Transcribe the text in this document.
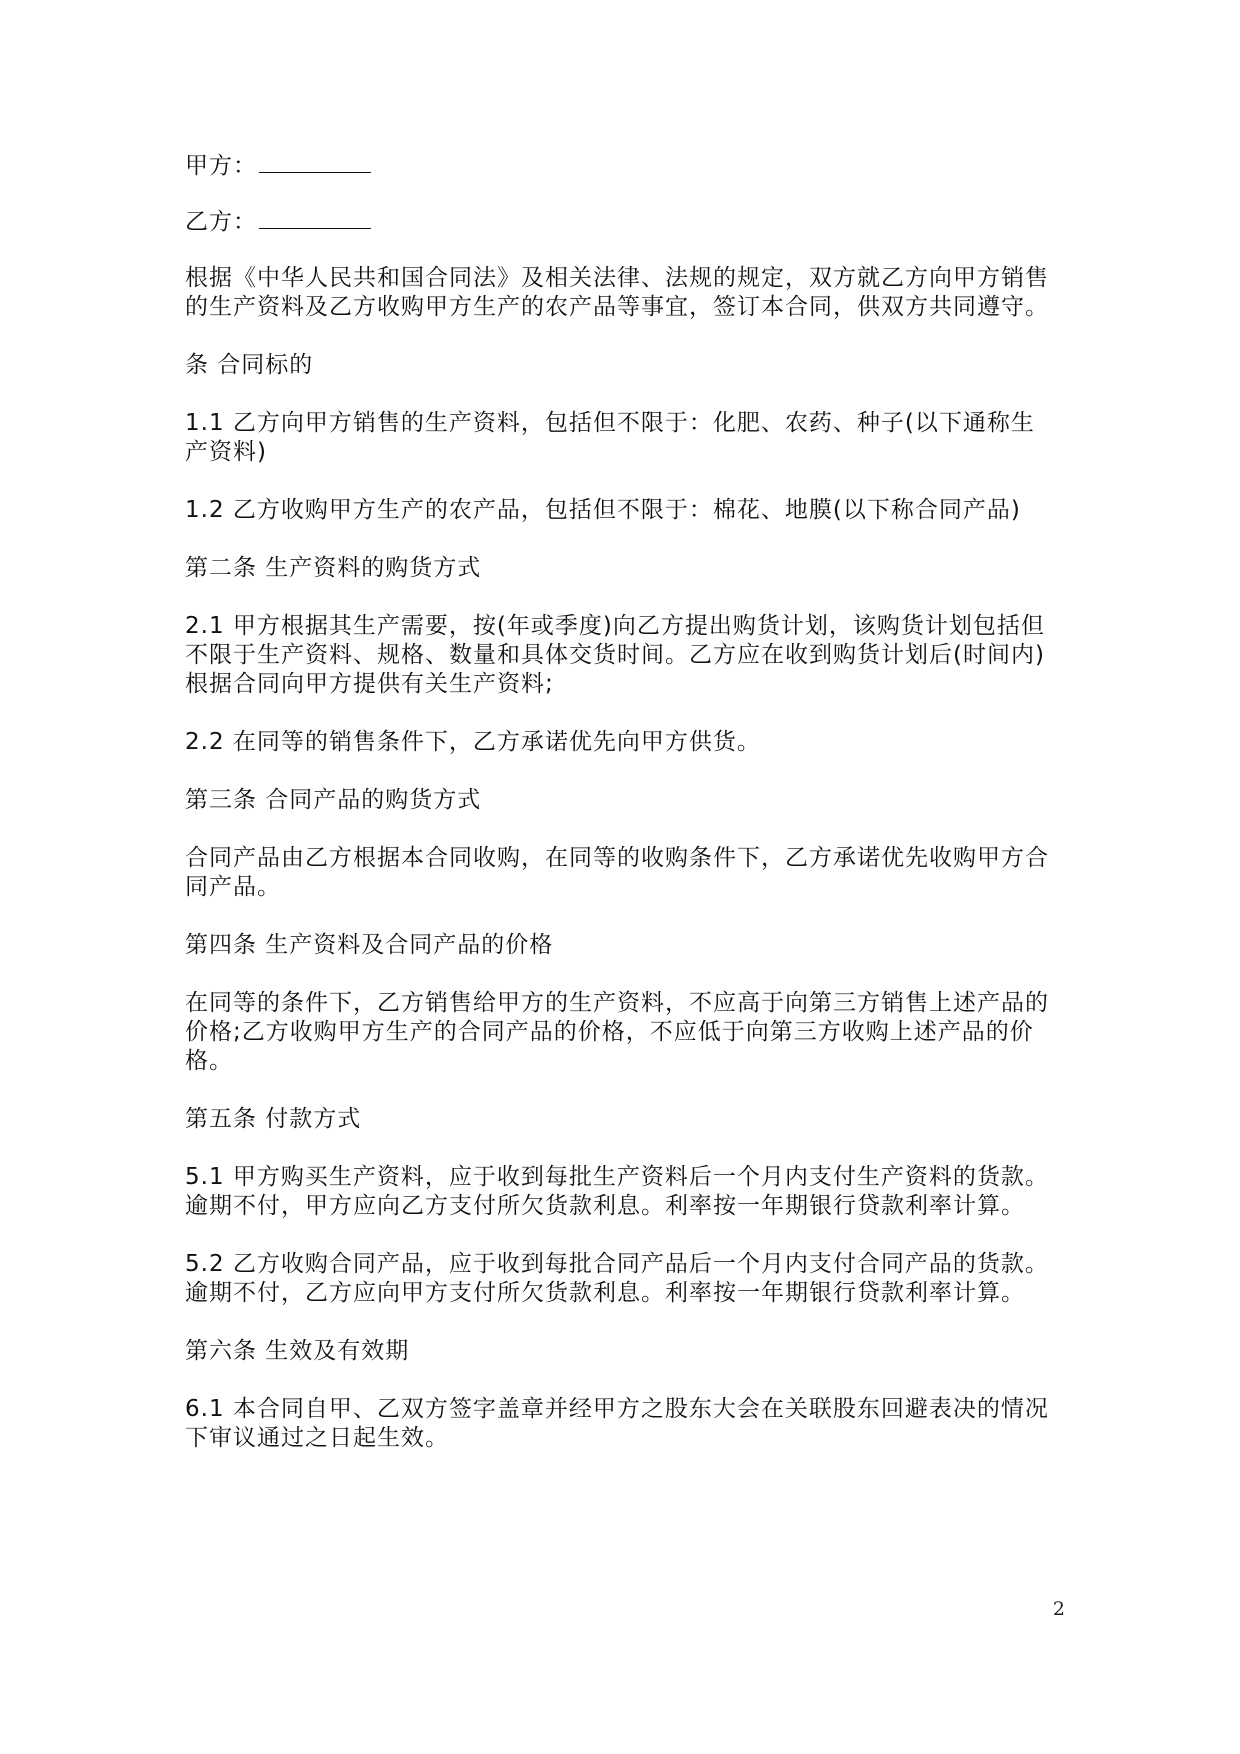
甲方：

乙方：

根据《中华人民共和国合同法》及相关法律、法规的规定，双方就乙方向甲方销售的生产资料及乙方收购甲方生产的农产品等事宜，签订本合同，供双方共同遵守。

条 合同标的

1.1 乙方向甲方销售的生产资料，包括但不限于：化肥、农药、种子(以下通称生产资料)

1.2 乙方收购甲方生产的农产品，包括但不限于：棉花、地膜(以下称合同产品)

第二条 生产资料的购货方式

2.1 甲方根据其生产需要，按(年或季度)向乙方提出购货计划，该购货计划包括但不限于生产资料、规格、数量和具体交货时间。乙方应在收到购货计划后(时间内)根据合同向甲方提供有关生产资料;

2.2 在同等的销售条件下，乙方承诺优先向甲方供货。

第三条 合同产品的购货方式

合同产品由乙方根据本合同收购，在同等的收购条件下，乙方承诺优先收购甲方合同产品。

第四条 生产资料及合同产品的价格

在同等的条件下，乙方销售给甲方的生产资料，不应高于向第三方销售上述产品的价格;乙方收购甲方生产的合同产品的价格，不应低于向第三方收购上述产品的价格。

第五条 付款方式

5.1 甲方购买生产资料，应于收到每批生产资料后一个月内支付生产资料的货款。逾期不付，甲方应向乙方支付所欠货款利息。利率按一年期银行贷款利率计算。

5.2 乙方收购合同产品，应于收到每批合同产品后一个月内支付合同产品的货款。逾期不付，乙方应向甲方支付所欠货款利息。利率按一年期银行贷款利率计算。

第六条 生效及有效期

6.1 本合同自甲、乙双方签字盖章并经甲方之股东大会在关联股东回避表决的情况下审议通过之日起生效。

2
